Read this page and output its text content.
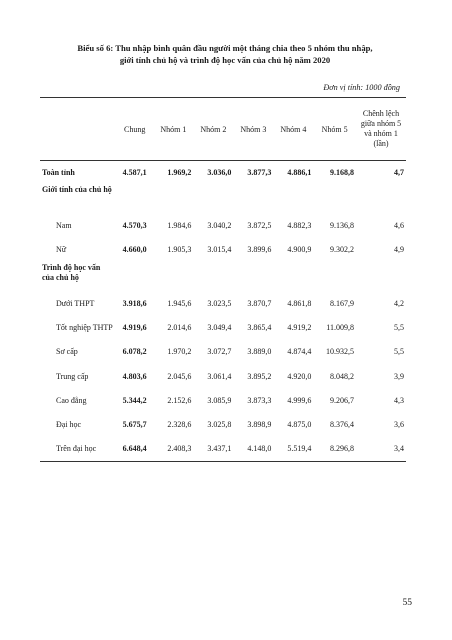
Biểu số 6: Thu nhập bình quân đầu người một tháng chia theo 5 nhóm thu nhập,
giới tính chủ hộ và trình độ học vấn của chủ hộ năm 2020
Đơn vị tính: 1000 đồng
	Chung	Nhóm 1	Nhóm 2	Nhóm 3	Nhóm 4	Nhóm 5	Chênh lệch giữa nhóm 5 và nhóm 1 (lần)
Toàn tỉnh	4.587,1	1.969,2	3.036,0	3.877,3	4.886,1	9.168,8	4,7
Giới tính của chủ hộ							
Nam	4.570,3	1.984,6	3.040,2	3.872,5	4.882,3	9.136,8	4,6
Nữ	4.660,0	1.905,3	3.015,4	3.899,6	4.900,9	9.302,2	4,9
Trình độ học vấn của chủ hộ							
Dưới THPT	3.918,6	1.945,6	3.023,5	3.870,7	4.861,8	8.167,9	4,2
Tốt nghiệp THTP	4.919,6	2.014,6	3.049,4	3.865,4	4.919,2	11.009,8	5,5
Sơ cấp	6.078,2	1.970,2	3.072,7	3.889,0	4.874,4	10.932,5	5,5
Trung cấp	4.803,6	2.045,6	3.061,4	3.895,2	4.920,0	8.048,2	3,9
Cao đẳng	5.344,2	2.152,6	3.085,9	3.873,3	4.999,6	9.206,7	4,3
Đại học	5.675,7	2.328,6	3.025,8	3.898,9	4.875,0	8.376,4	3,6
Trên đại học	6.648,4	2.408,3	3.437,1	4.148,0	5.519,4	8.296,8	3,4
55
